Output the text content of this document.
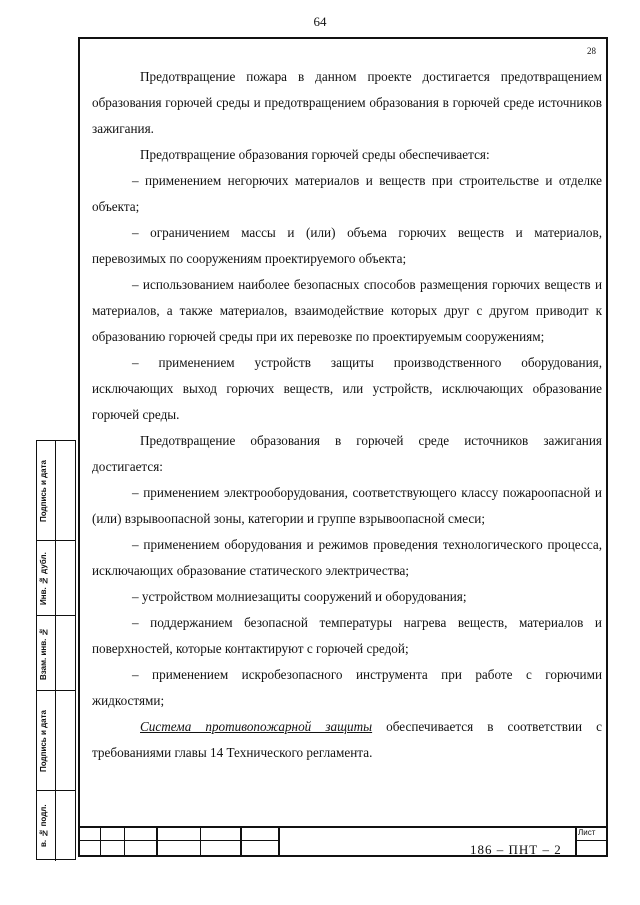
64
28

Предотвращение пожара в данном проекте достигается предотвращением образования горючей среды и предотвращением образования в горючей среде источников зажигания.

Предотвращение образования горючей среды обеспечивается:

– применением негорючих материалов и веществ при строительстве и отделке объекта;

– ограничением массы и (или) объема горючих веществ и материалов, перевозимых по сооружениям проектируемого объекта;

– использованием наиболее безопасных способов размещения горючих веществ и материалов, а также материалов, взаимодействие которых друг с другом приводит к образованию горючей среды при их перевозке по проектируемым сооружениям;

– применением устройств защиты производственного оборудования, исключающих выход горючих веществ, или устройств, исключающих образование горючей среды.

Предотвращение образования в горючей среде источников зажигания достигается:

– применением электрооборудования, соответствующего классу пожароопасной и (или) взрывоопасной зоны, категории и группе взрывоопасной смеси;

– применением оборудования и режимов проведения технологического процесса, исключающих образование статического электричества;

– устройством молниезащиты сооружений и оборудования;

– поддержанием безопасной температуры нагрева веществ, материалов и поверхностей, которые контактируют с горючей средой;

– применением искробезопасного инструмента при работе с горючими жидкостями;

Система противопожарной защиты обеспечивается в соответствии с требованиями главы 14 Технического регламента.

Подпись и дата
Инв. № дубл.
Взам. инв. №
Подпись и дата
в. № подл.	Лист
186 – ПНТ – 2
